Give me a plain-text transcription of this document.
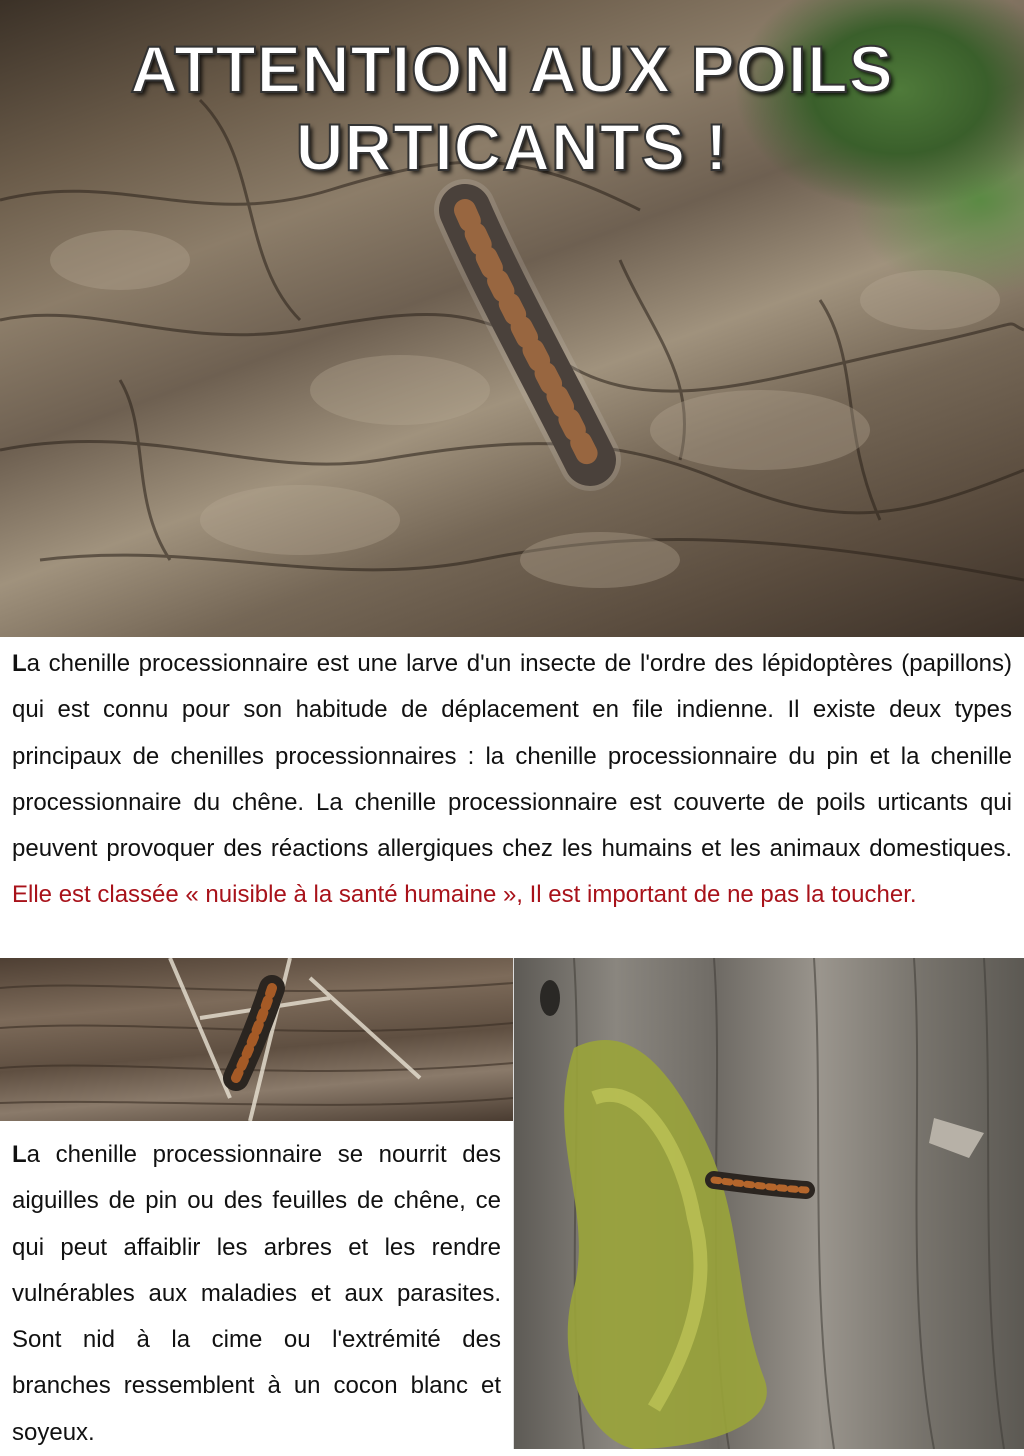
ATTENTION AUX POILS
URTICANTS !

La chenille processionnaire est une larve d'un insecte de l'ordre des lépidoptères (papillons) qui est connu pour son habitude de déplacement en file indienne. Il existe deux types principaux de chenilles processionnaires : la chenille processionnaire du pin et la chenille processionnaire du chêne. La chenille processionnaire est couverte de poils urticants qui peuvent provoquer des réactions allergiques chez les humains et les animaux domestiques. Elle est classée « nuisible à la santé humaine », Il est important de ne pas la toucher.

La chenille processionnaire se nourrit des aiguilles de pin ou des feuilles de chêne, ce qui peut affaiblir les arbres et les rendre vulnérables aux maladies et aux parasites. Sont nid à la cime ou l'extrémité des branches ressemblent à un cocon blanc et soyeux.
